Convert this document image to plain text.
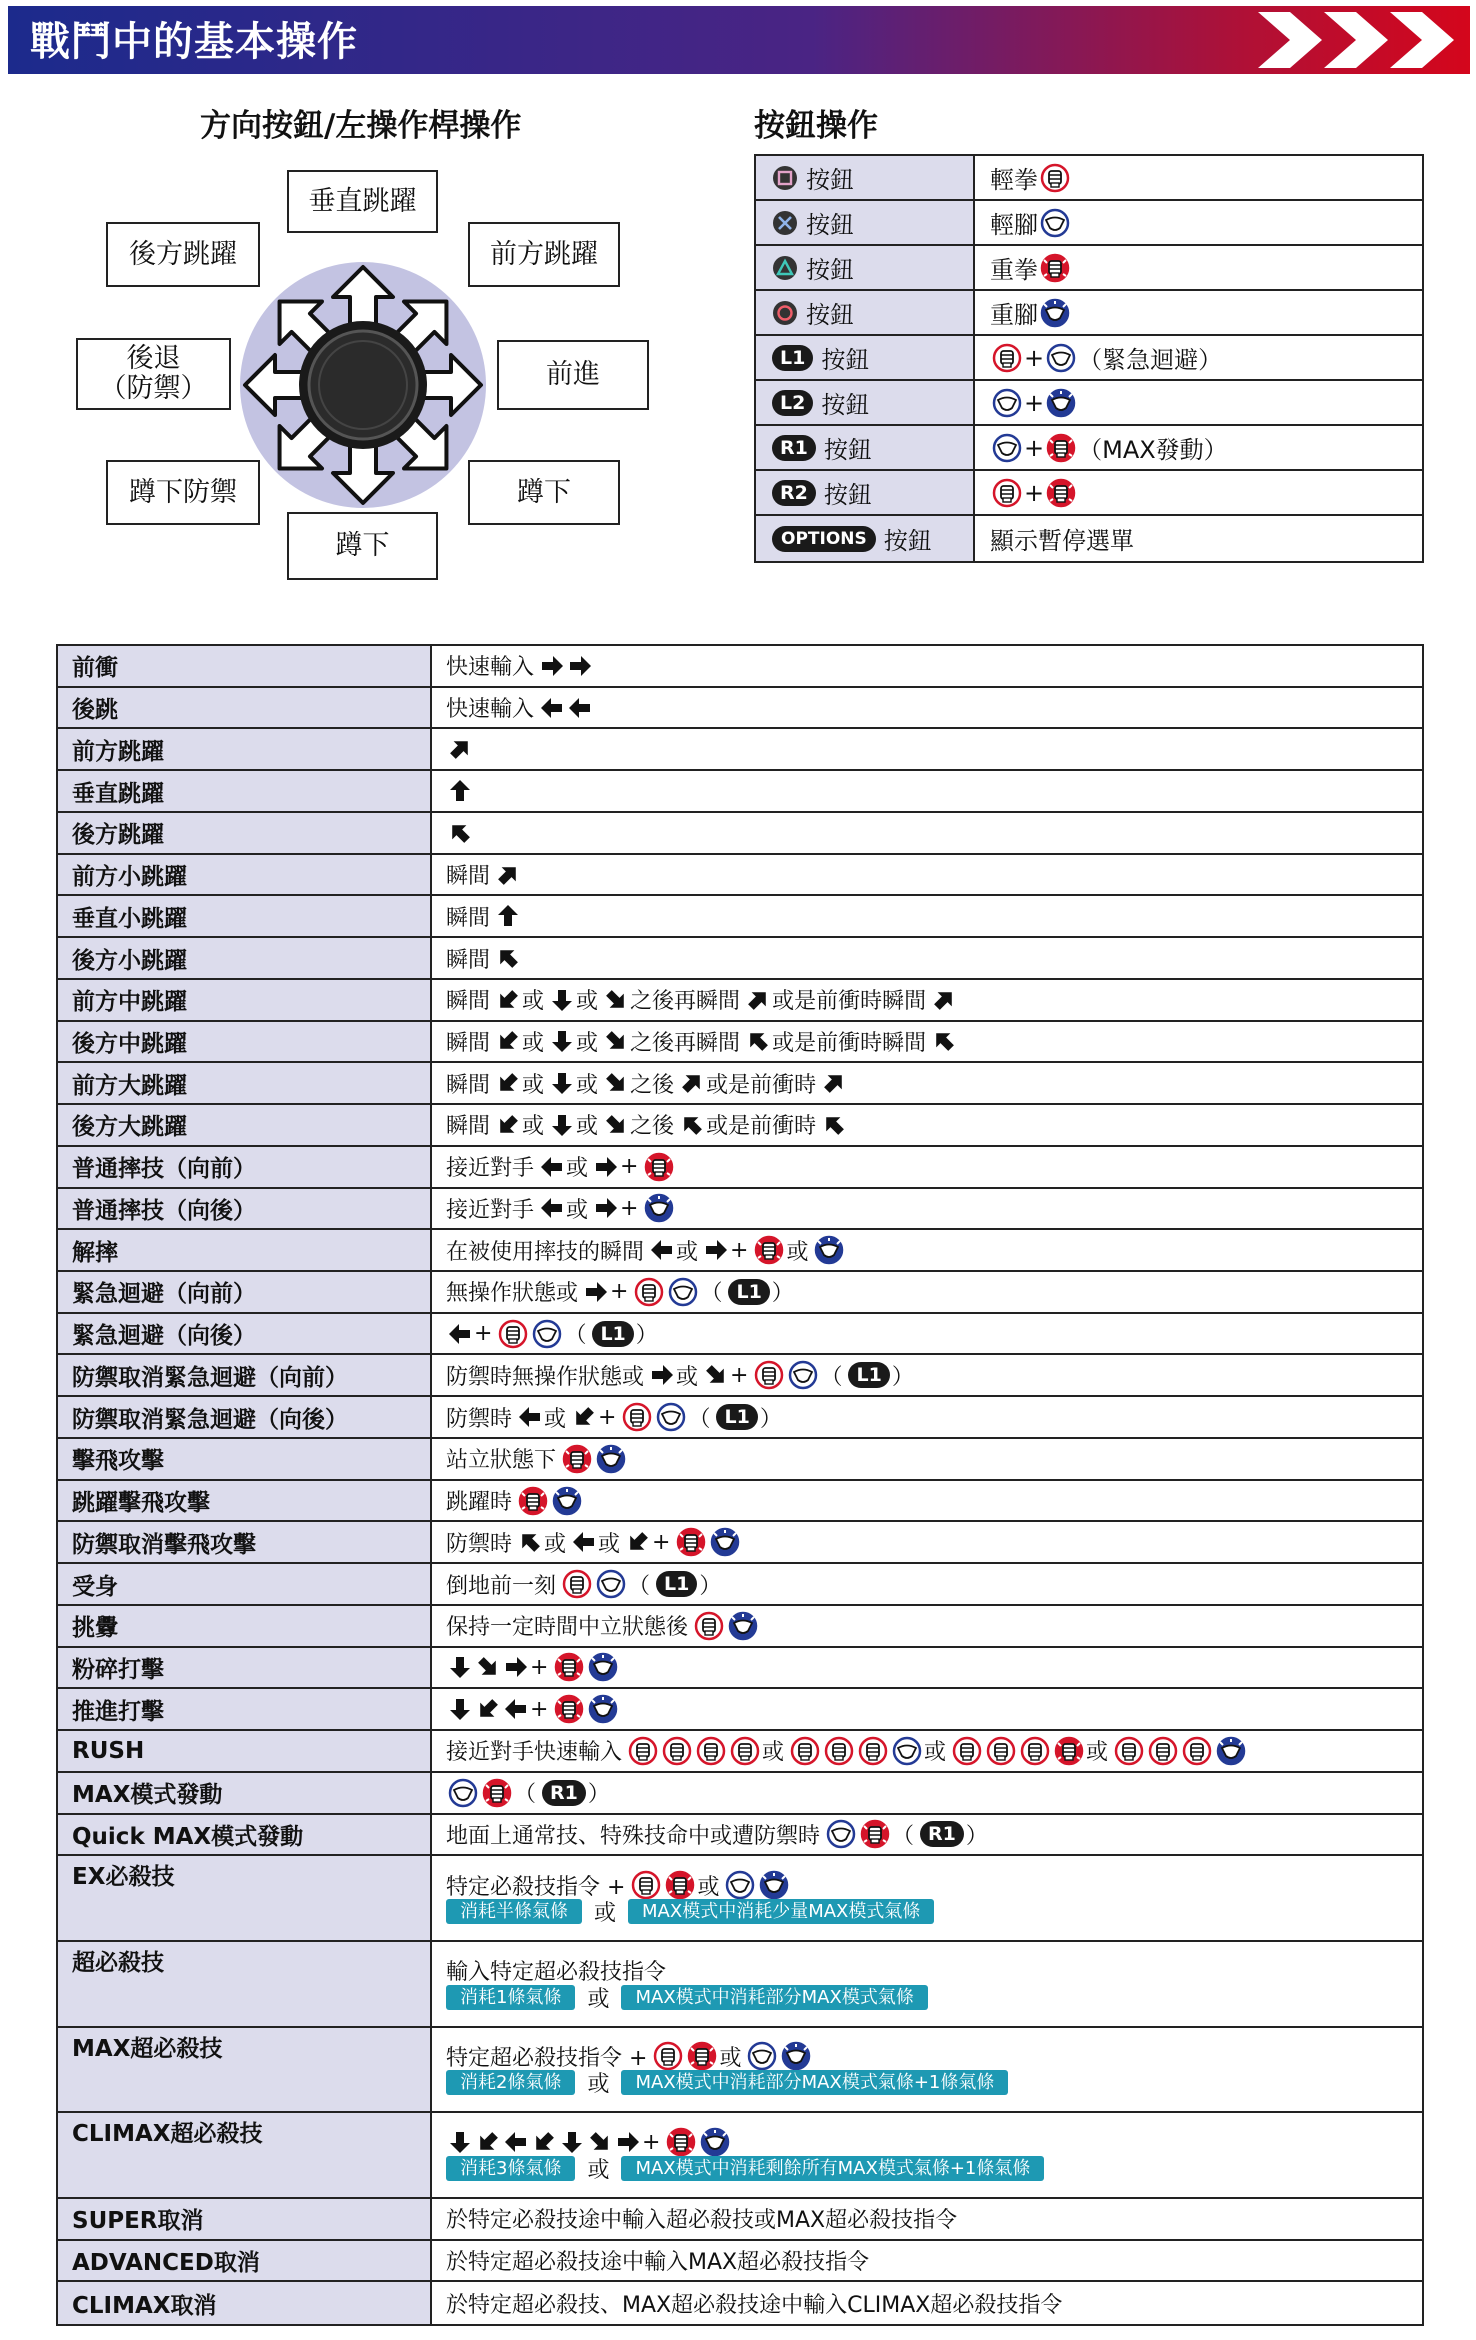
戰鬥中的基本操作
方向按鈕/左操作桿操作	按鈕操作
垂直跳躍
後方跳躍	前方跳躍
後退
（防禦）	前進
蹲下防禦	蹲下
蹲下
按鈕	輕拳
按鈕	輕腳
按鈕	重拳
按鈕	重腳
L1 按鈕	+ （緊急迴避）
L2 按鈕	+
R1 按鈕	+ （MAX發動）
R2 按鈕	+
OPTIONS 按鈕 顯示暫停選單
前衝	快速輸入
後跳	快速輸入
前方跳躍
垂直跳躍
後方跳躍
前方小跳躍	瞬間
垂直小跳躍	瞬間
後方小跳躍	瞬間
前方中跳躍	瞬間 或 或 之後再瞬間 或是前衝時瞬間
後方中跳躍	瞬間 或 或 之後再瞬間 或是前衝時瞬間
前方大跳躍	瞬間 或 或 之後 或是前衝時
後方大跳躍	瞬間 或 或 之後 或是前衝時
普通摔技（向前）	接近對手 或 +
普通摔技（向後）	接近對手 或 +
解摔	在被使用摔技的瞬間 或 + 或
緊急迴避（向前）	無操作狀態或 +	（ L1 ）
緊急迴避（向後）	+	（ L1 ）
防禦取消緊急迴避（向前）	防禦時無操作狀態或 或 +	（ L1 ）
防禦取消緊急迴避（向後）	防禦時 或 +	（ L1 ）
擊飛攻擊	站立狀態下
跳躍擊飛攻擊	跳躍時
防禦取消擊飛攻擊	防禦時 或 或 +
受身	倒地前一刻	（ L1 ）
挑釁	保持一定時間中立狀態後
粉碎打擊	+
推進打擊	+
RUSH	接近對手快速輸入	或	或	或
MAX模式發動	（ R1 ）
Quick MAX模式發動	地面上通常技、特殊技命中或遭防禦時	（ R1 ）
EX必殺技	特定必殺技指令 +	或
消耗半條氣條	或	MAX模式中消耗少量MAX模式氣條
超必殺技	輸入特定超必殺技指令
消耗1條氣條	或	MAX模式中消耗部分MAX模式氣條
MAX超必殺技	特定超必殺技指令 +	或
消耗2條氣條	或	MAX模式中消耗部分MAX模式氣條+1條氣條
CLIMAX超必殺技	+
消耗3條氣條	或	MAX模式中消耗剩餘所有MAX模式氣條+1條氣條
SUPER取消	於特定必殺技途中輸入超必殺技或MAX超必殺技指令
ADVANCED取消	於特定超必殺技途中輸入MAX超必殺技指令
CLIMAX取消	於特定超必殺技、MAX超必殺技途中輸入CLIMAX超必殺技指令
